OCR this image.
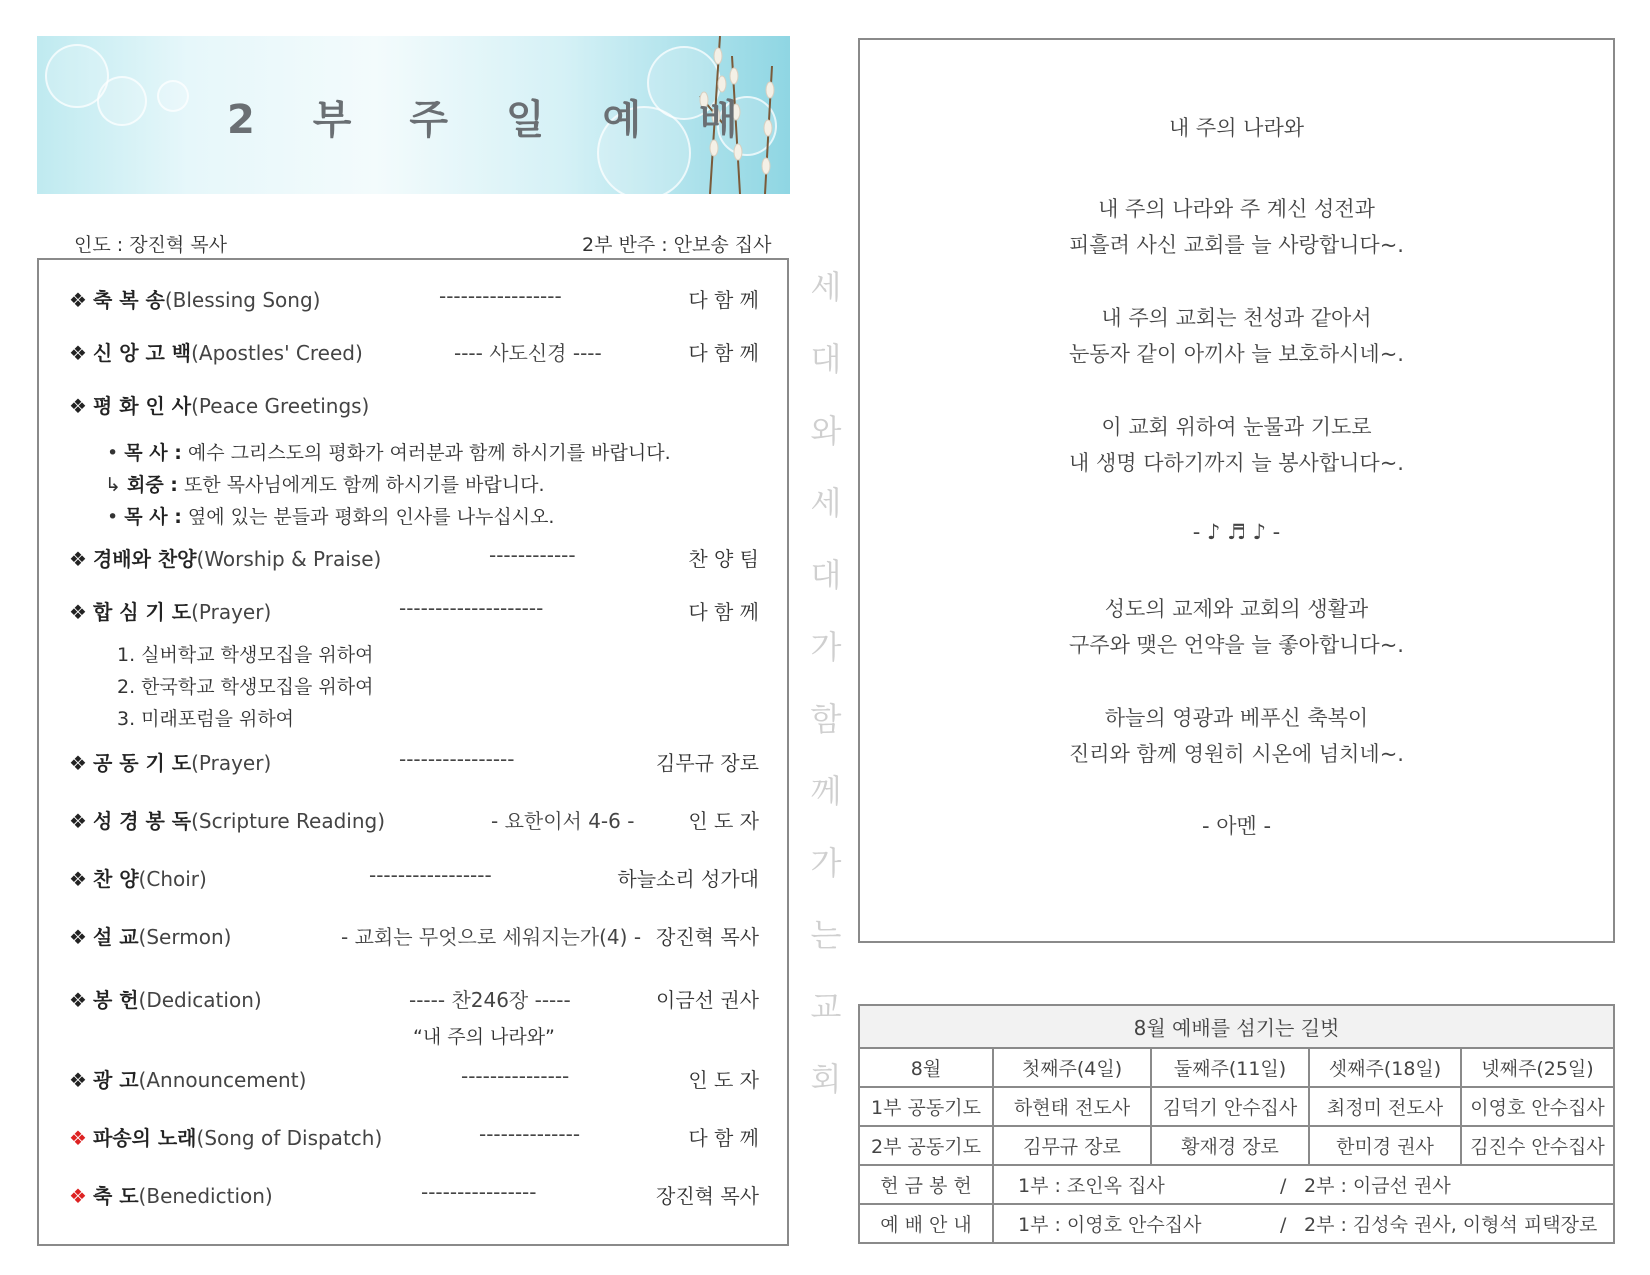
2 부 주 일 예 배
인도 : 장진혁 목사	2부 반주 : 안보송 집사
❖ 축 복 송(Blessing Song)	-----------------	다 함 께
❖ 신 앙 고 백(Apostles' Creed)	---- 사도신경 ----	다 함 께
❖ 평 화 인 사(Peace Greetings)
• 목 사 : 예수 그리스도의 평화가 여러분과 함께 하시기를 바랍니다.
↳ 회중 : 또한 목사님에게도 함께 하시기를 바랍니다.
• 목 사 : 옆에 있는 분들과 평화의 인사를 나누십시오.
❖ 경배와 찬양(Worship & Praise)	------------	찬 양 팀
❖ 합 심 기 도(Prayer)	--------------------	다 함 께
1. 실버학교 학생모집을 위하여
2. 한국학교 학생모집을 위하여
3. 미래포럼을 위하여
❖ 공 동 기 도(Prayer)	----------------	김무규 장로
❖ 성 경 봉 독(Scripture Reading)	- 요한이서 4-6 -	인 도 자
❖ 찬 양(Choir)	-----------------	하늘소리 성가대
❖ 설 교(Sermon)	- 교회는 무엇으로 세워지는가(4) - 장진혁 목사
❖ 봉 헌(Dedication)	----- 찬246장 -----	이금선 권사
“내 주의 나라와”
❖ 광 고(Announcement)	---------------	인 도 자
❖ 파송의 노래(Song of Dispatch)	--------------	다 함 께
❖ 축 도(Benediction)	----------------	장진혁 목사
세
대
와
세
대
가
함
께
가
는
교
회
내 주의 나라와
내 주의 나라와 주 계신 성전과
피흘려 사신 교회를 늘 사랑합니다~.
내 주의 교회는 천성과 같아서
눈동자 같이 아끼사 늘 보호하시네~.
이 교회 위하여 눈물과 기도로
내 생명 다하기까지 늘 봉사합니다~.
- ♪ ♬ ♪ -
성도의 교제와 교회의 생활과
구주와 맺은 언약을 늘 좋아합니다~.
하늘의 영광과 베푸신 축복이
진리와 함께 영원히 시온에 넘치네~.
- 아멘 -
8월 예배를 섬기는 길벗				
8월	첫째주(4일)	둘째주(11일)	셋째주(18일)	넷째주(25일)
1부 공동기도	하현태 전도사	김덕기 안수집사	최정미 전도사	이영호 안수집사
2부 공동기도	김무규 장로	황재경 장로	한미경 권사	김진수 안수집사
헌 금 봉 헌	1부 : 조인옥 집사 / 2부 : 이금선 권사			
예 배 안 내	1부 : 이영호 안수집사 / 2부 : 김성숙 권사, 이형석 피택장로			
